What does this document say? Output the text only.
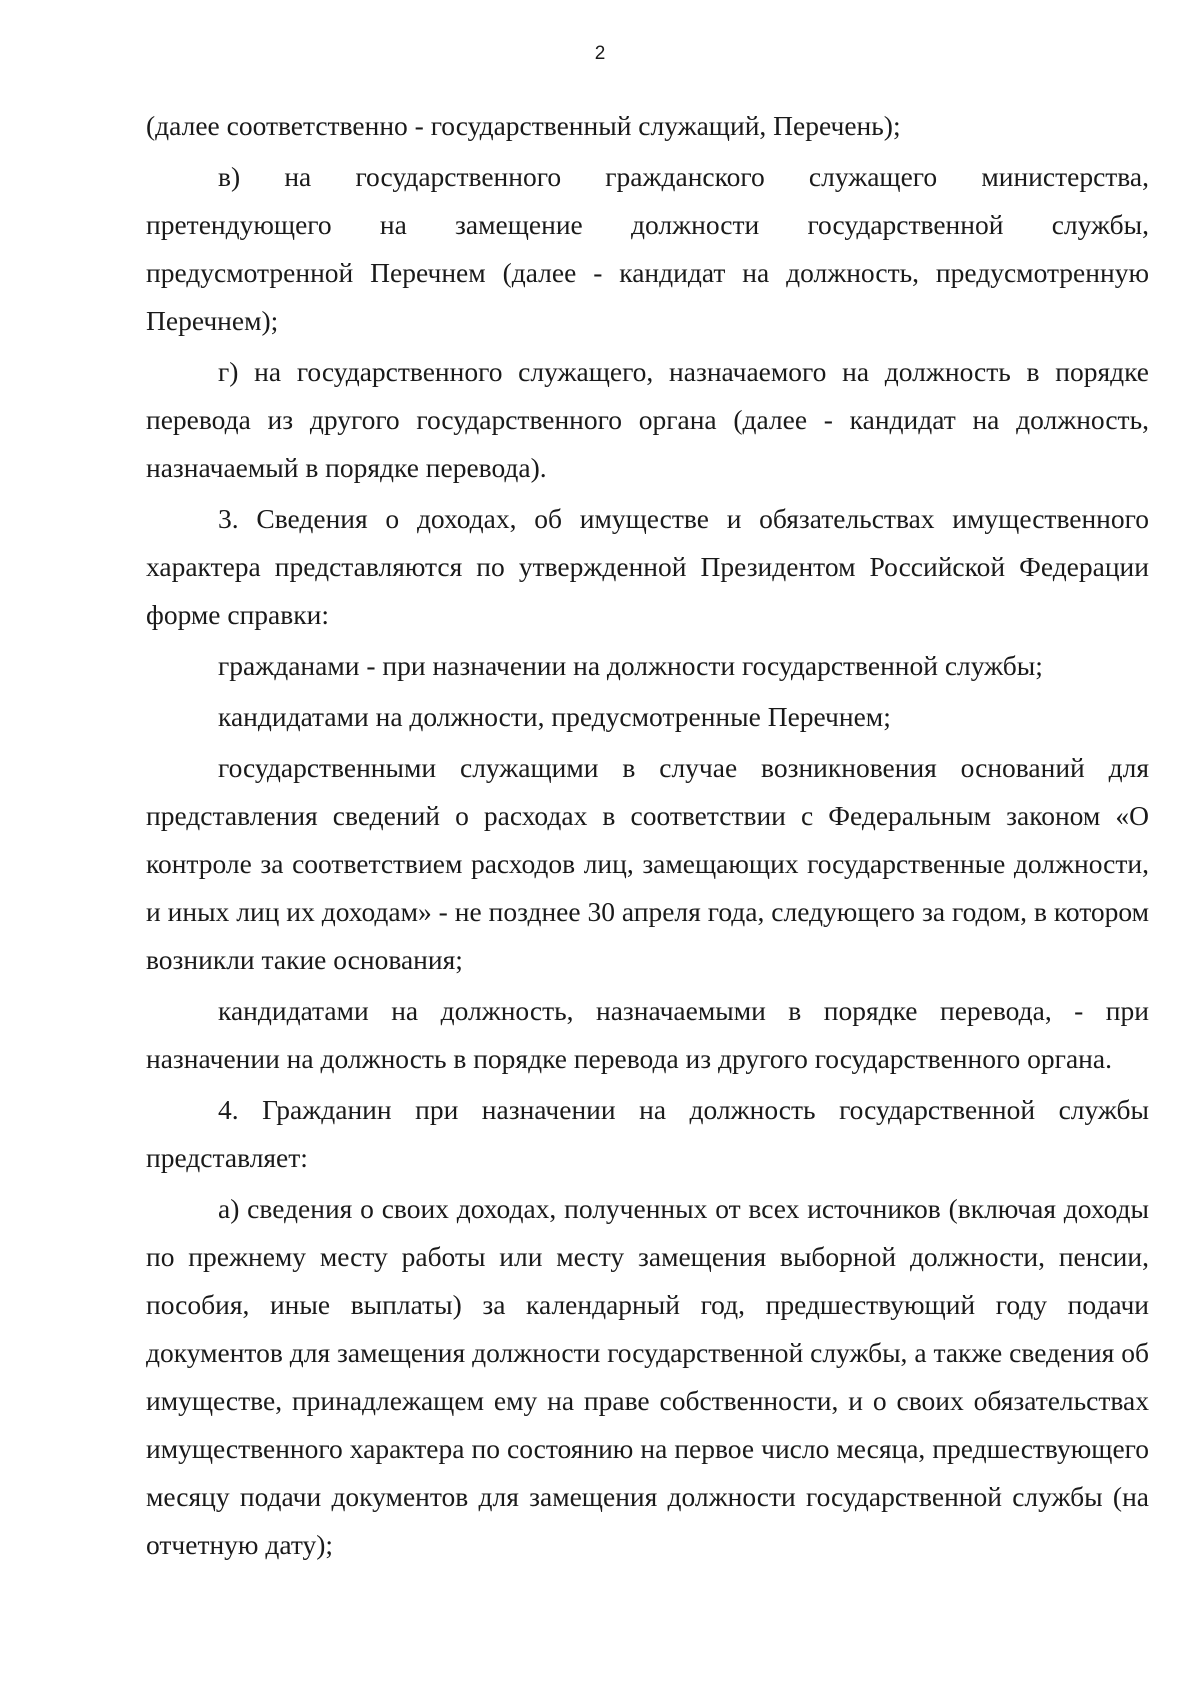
2

(далее соответственно - государственный служащий, Перечень);

в) на государственного гражданского служащего министерства, претендующего на замещение должности государственной службы, предусмотренной Перечнем (далее - кандидат на должность, предусмотренную Перечнем);

г) на государственного служащего, назначаемого на должность в порядке перевода из другого государственного органа (далее - кандидат на должность, назначаемый в порядке перевода).

3. Сведения о доходах, об имуществе и обязательствах имущественного характера представляются по утвержденной Президентом Российской Федерации форме справки:

гражданами - при назначении на должности государственной службы;

кандидатами на должности, предусмотренные Перечнем;

государственными служащими в случае возникновения оснований для представления сведений о расходах в соответствии с Федеральным законом «О контроле за соответствием расходов лиц, замещающих государственные должности, и иных лиц их доходам» - не позднее 30 апреля года, следующего за годом, в котором возникли такие основания;

кандидатами на должность, назначаемыми в порядке перевода, - при назначении на должность в порядке перевода из другого государственного органа.

4. Гражданин при назначении на должность государственной службы представляет:

а) сведения о своих доходах, полученных от всех источников (включая доходы по прежнему месту работы или месту замещения выборной должности, пенсии, пособия, иные выплаты) за календарный год, предшествующий году подачи документов для замещения должности государственной службы, а также сведения об имуществе, принадлежащем ему на праве собственности, и о своих обязательствах имущественного характера по состоянию на первое число месяца, предшествующего месяцу подачи документов для замещения должности государственной службы (на отчетную дату);
